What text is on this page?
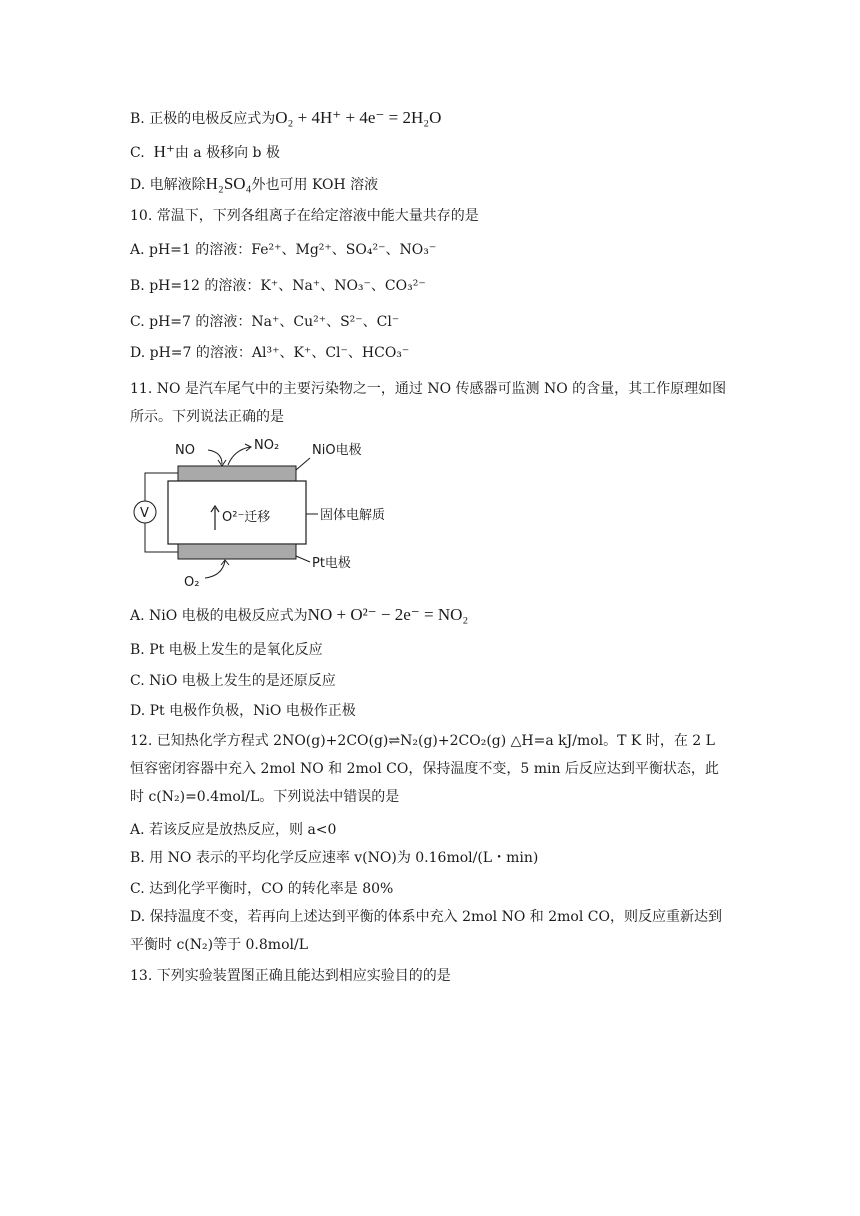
B. 正极的电极反应式为O₂ + 4H⁺ + 4e⁻ = 2H₂O
C. H⁺由 a 极移向 b 极
D. 电解液除H₂SO₄外也可用 KOH 溶液
10. 常温下，下列各组离子在给定溶液中能大量共存的是
A. pH=1 的溶液：Fe²⁺、Mg²⁺、SO₄²⁻、NO₃⁻
B. pH=12 的溶液：K⁺、Na⁺、NO₃⁻、CO₃²⁻
C. pH=7 的溶液：Na⁺、Cu²⁺、S²⁻、Cl⁻
D. pH=7 的溶液：Al³⁺、K⁺、Cl⁻、HCO₃⁻
11. NO 是汽车尾气中的主要污染物之一，通过 NO 传感器可监测 NO 的含量，其工作原理如图所示。下列说法正确的是
V
NO	NO₂	NiO电极
O²⁻迁移	固体电解质
Pt电极
O₂
A. NiO 电极的电极反应式为NO + O²⁻ − 2e⁻ = NO₂
B. Pt 电极上发生的是氧化反应
C. NiO 电极上发生的是还原反应
D. Pt 电极作负极，NiO 电极作正极
12. 已知热化学方程式 2NO(g)+2CO(g)⇌N₂(g)+2CO₂(g) △H=a kJ/mol。T K 时，在 2 L 恒容密闭容器中充入 2mol NO 和 2mol CO，保持温度不变，5 min 后反应达到平衡状态，此时 c(N₂)=0.4mol/L。下列说法中错误的是
A. 若该反应是放热反应，则 a<0
B. 用 NO 表示的平均化学反应速率 v(NO)为 0.16mol/(L・min)
C. 达到化学平衡时，CO 的转化率是 80%
D. 保持温度不变，若再向上述达到平衡的体系中充入 2mol NO 和 2mol CO，则反应重新达到平衡时 c(N₂)等于 0.8mol/L
13. 下列实验装置图正确且能达到相应实验目的的是
